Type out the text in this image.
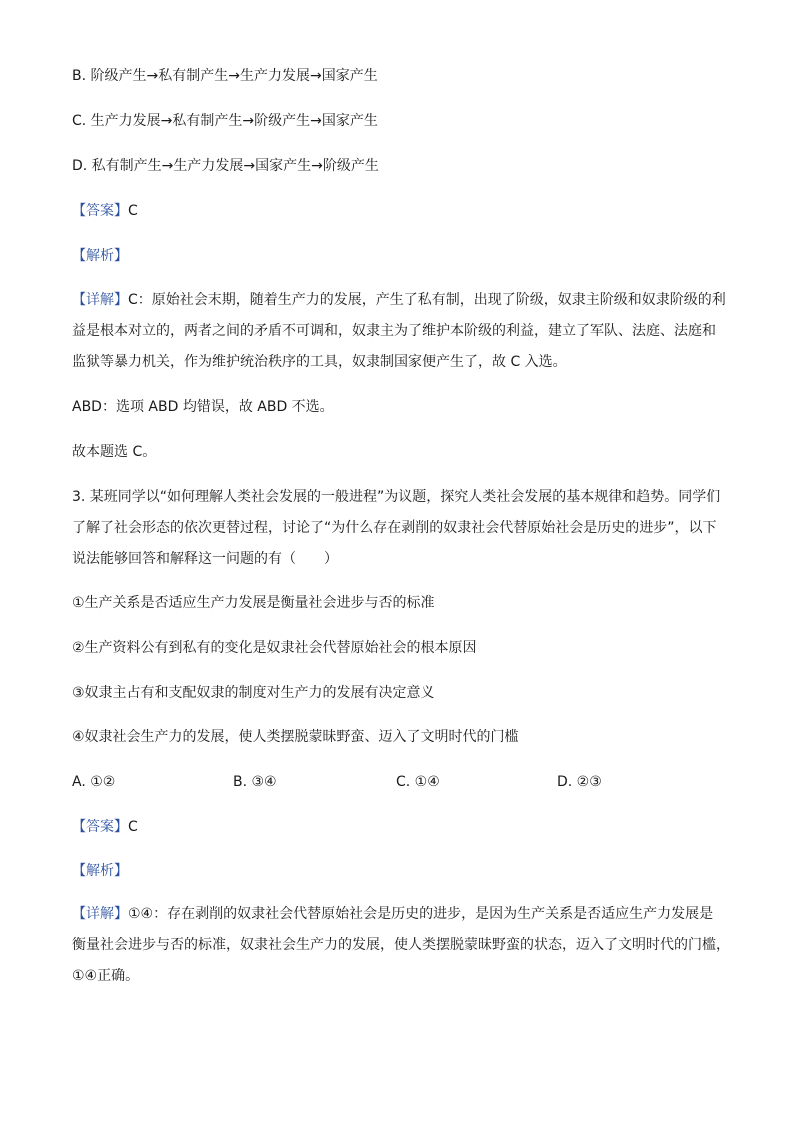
B. 阶级产生→私有制产生→生产力发展→国家产生
C. 生产力发展→私有制产生→阶级产生→国家产生
D. 私有制产生→生产力发展→国家产生→阶级产生
【答案】C
【解析】
【详解】C：原始社会末期，随着生产力的发展，产生了私有制，出现了阶级，奴隶主阶级和奴隶阶级的利
益是根本对立的，两者之间的矛盾不可调和，奴隶主为了维护本阶级的利益，建立了军队、法庭、法庭和
监狱等暴力机关，作为维护统治秩序的工具，奴隶制国家便产生了，故 C 入选。
ABD：选项 ABD 均错误，故 ABD 不选。
故本题选 C。
3. 某班同学以“如何理解人类社会发展的一般进程”为议题，探究人类社会发展的基本规律和趋势。同学们
了解了社会形态的依次更替过程，讨论了“为什么存在剥削的奴隶社会代替原始社会是历史的进步”，以下
说法能够回答和解释这一问题的有（　　）
①生产关系是否适应生产力发展是衡量社会进步与否的标准
②生产资料公有到私有的变化是奴隶社会代替原始社会的根本原因
③奴隶主占有和支配奴隶的制度对生产力的发展有决定意义
④奴隶社会生产力的发展，使人类摆脱蒙昧野蛮、迈入了文明时代的门槛
A. ①②	B. ③④	C. ①④	D. ②③
【答案】C
【解析】
【详解】①④：存在剥削的奴隶社会代替原始社会是历史的进步，是因为生产关系是否适应生产力发展是
衡量社会进步与否的标准，奴隶社会生产力的发展，使人类摆脱蒙昧野蛮的状态，迈入了文明时代的门槛，
①④正确。
